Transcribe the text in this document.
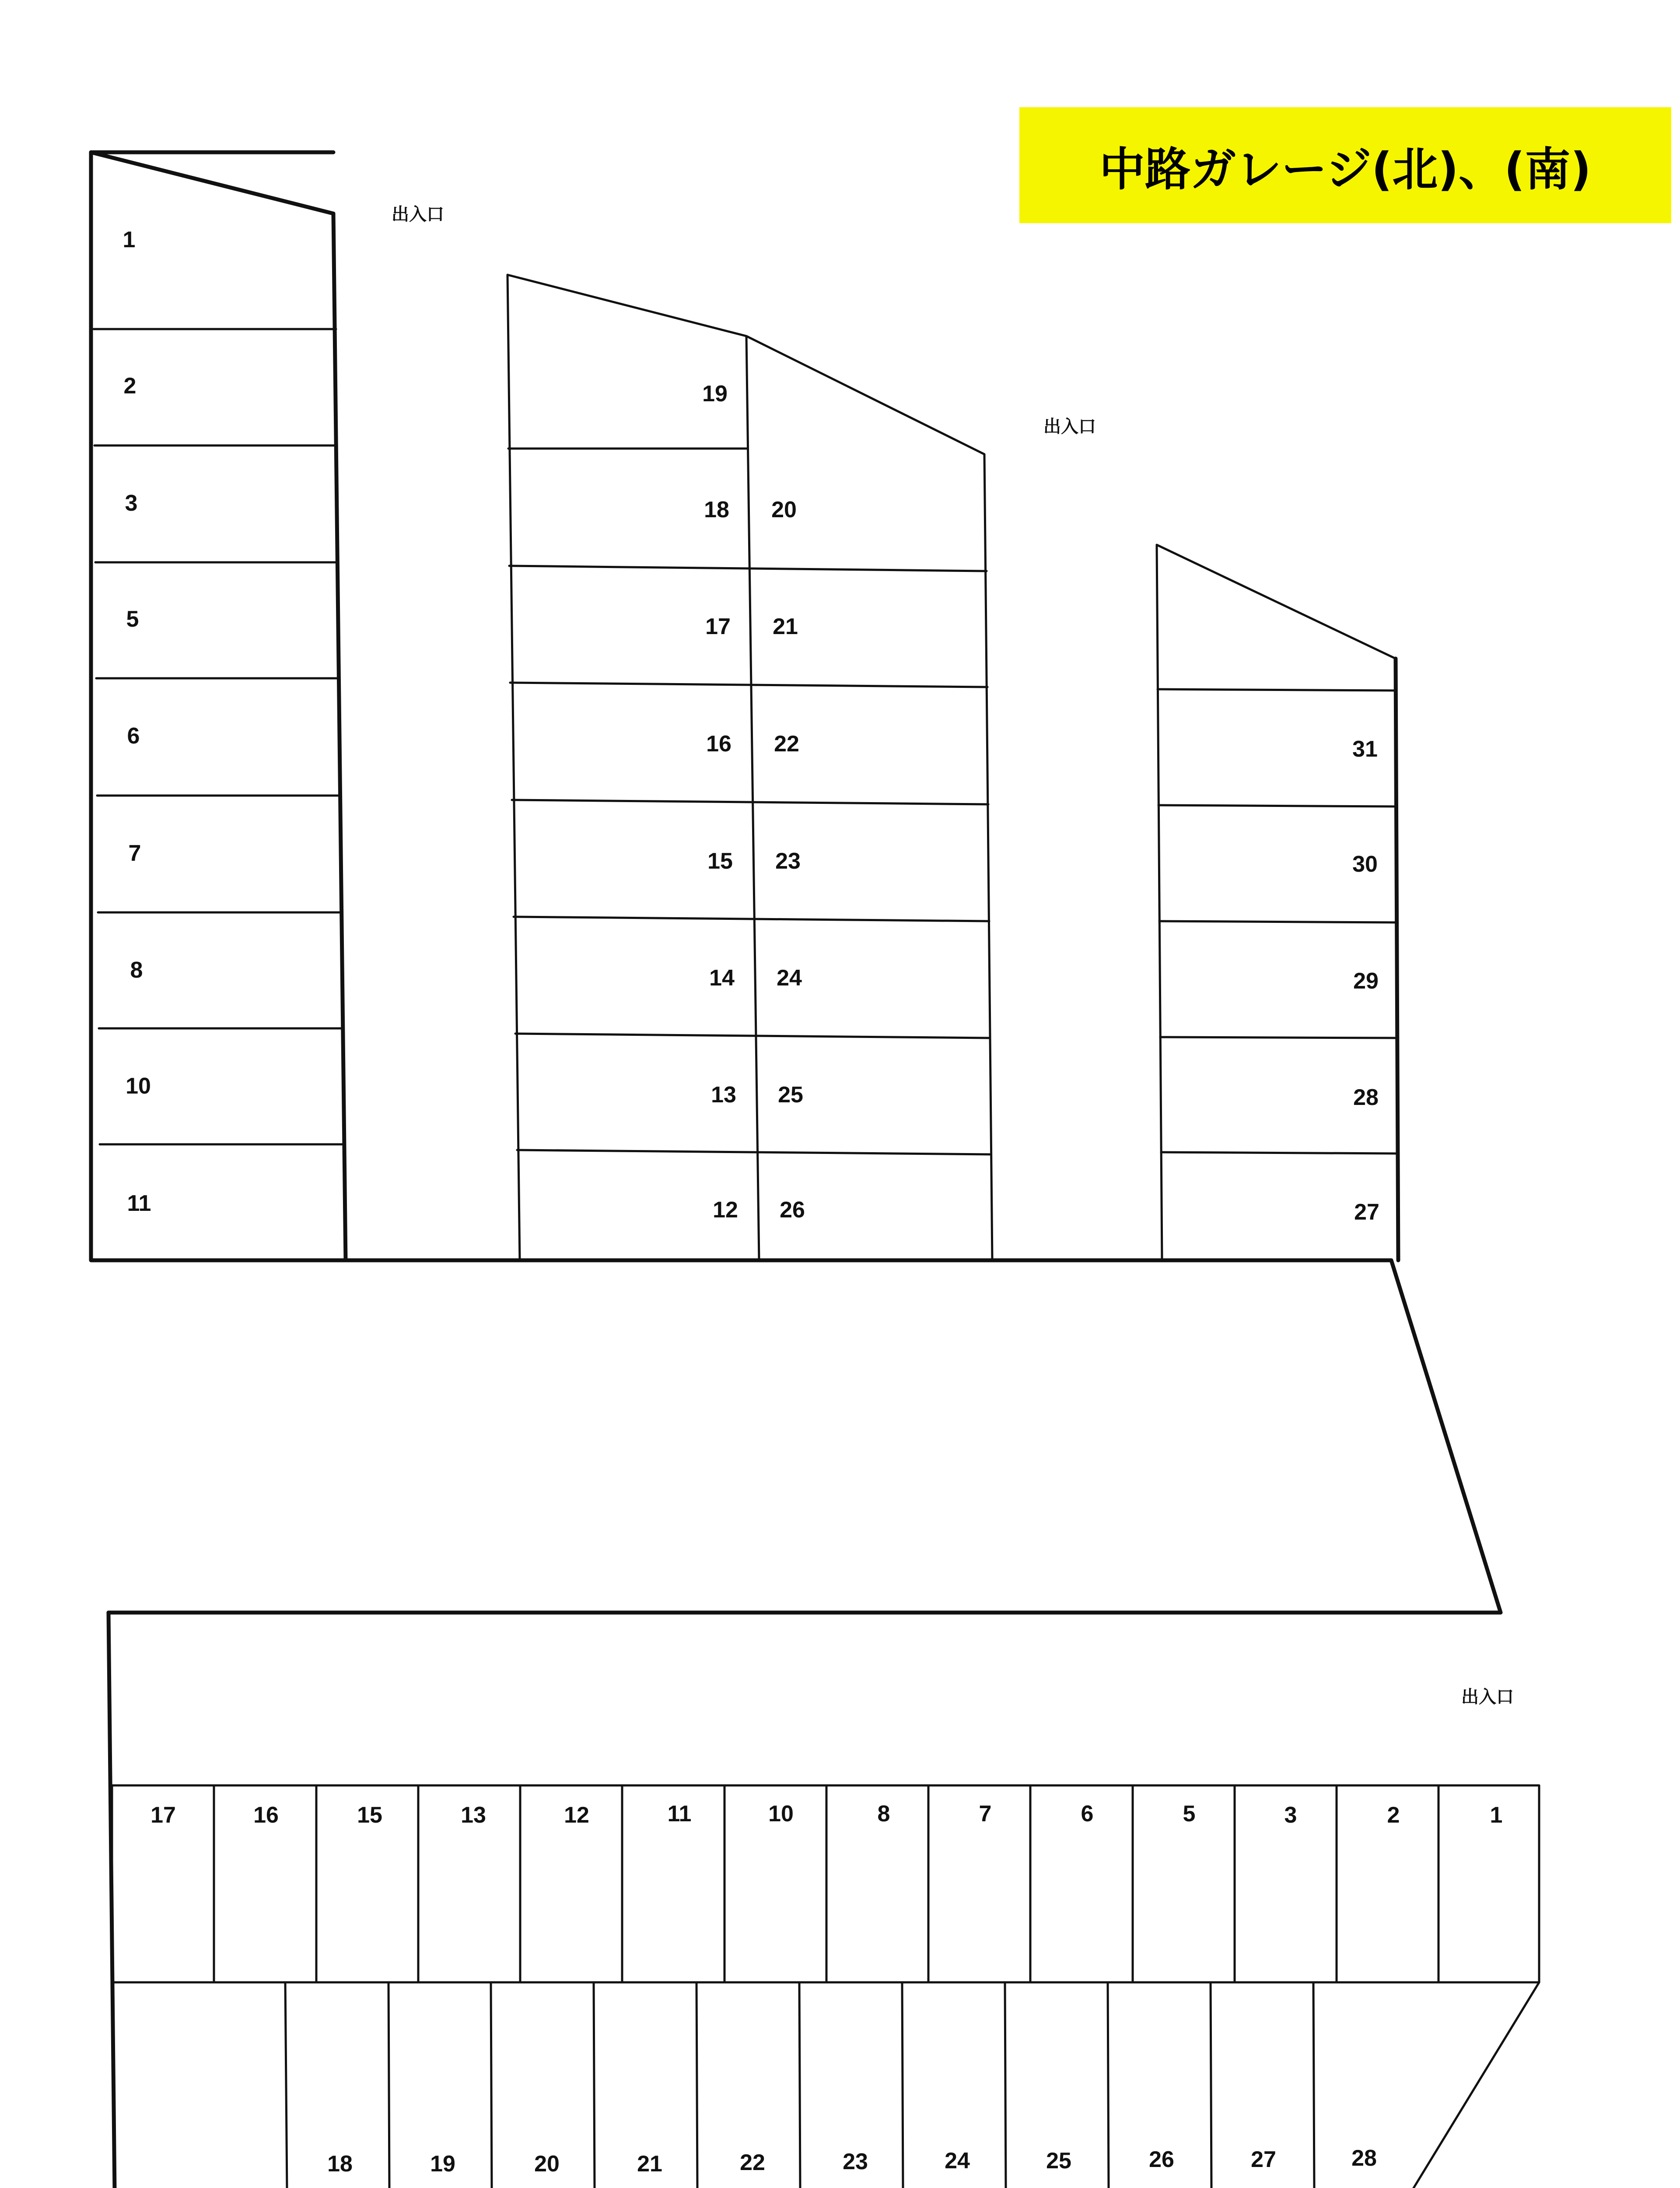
中路ガレージ(北)、(南)
出入口
出入口
出入口
1
2
3
5
6
7
8
10
11
19
18
17
16
15
14
13
12
20
21
22
23
24
25
26
31
30
29
28
27
17	16	15	13	12	11	10	8	7	6	5	3	2	1
18	19	20	21	22	23	24	25	26	27	28
